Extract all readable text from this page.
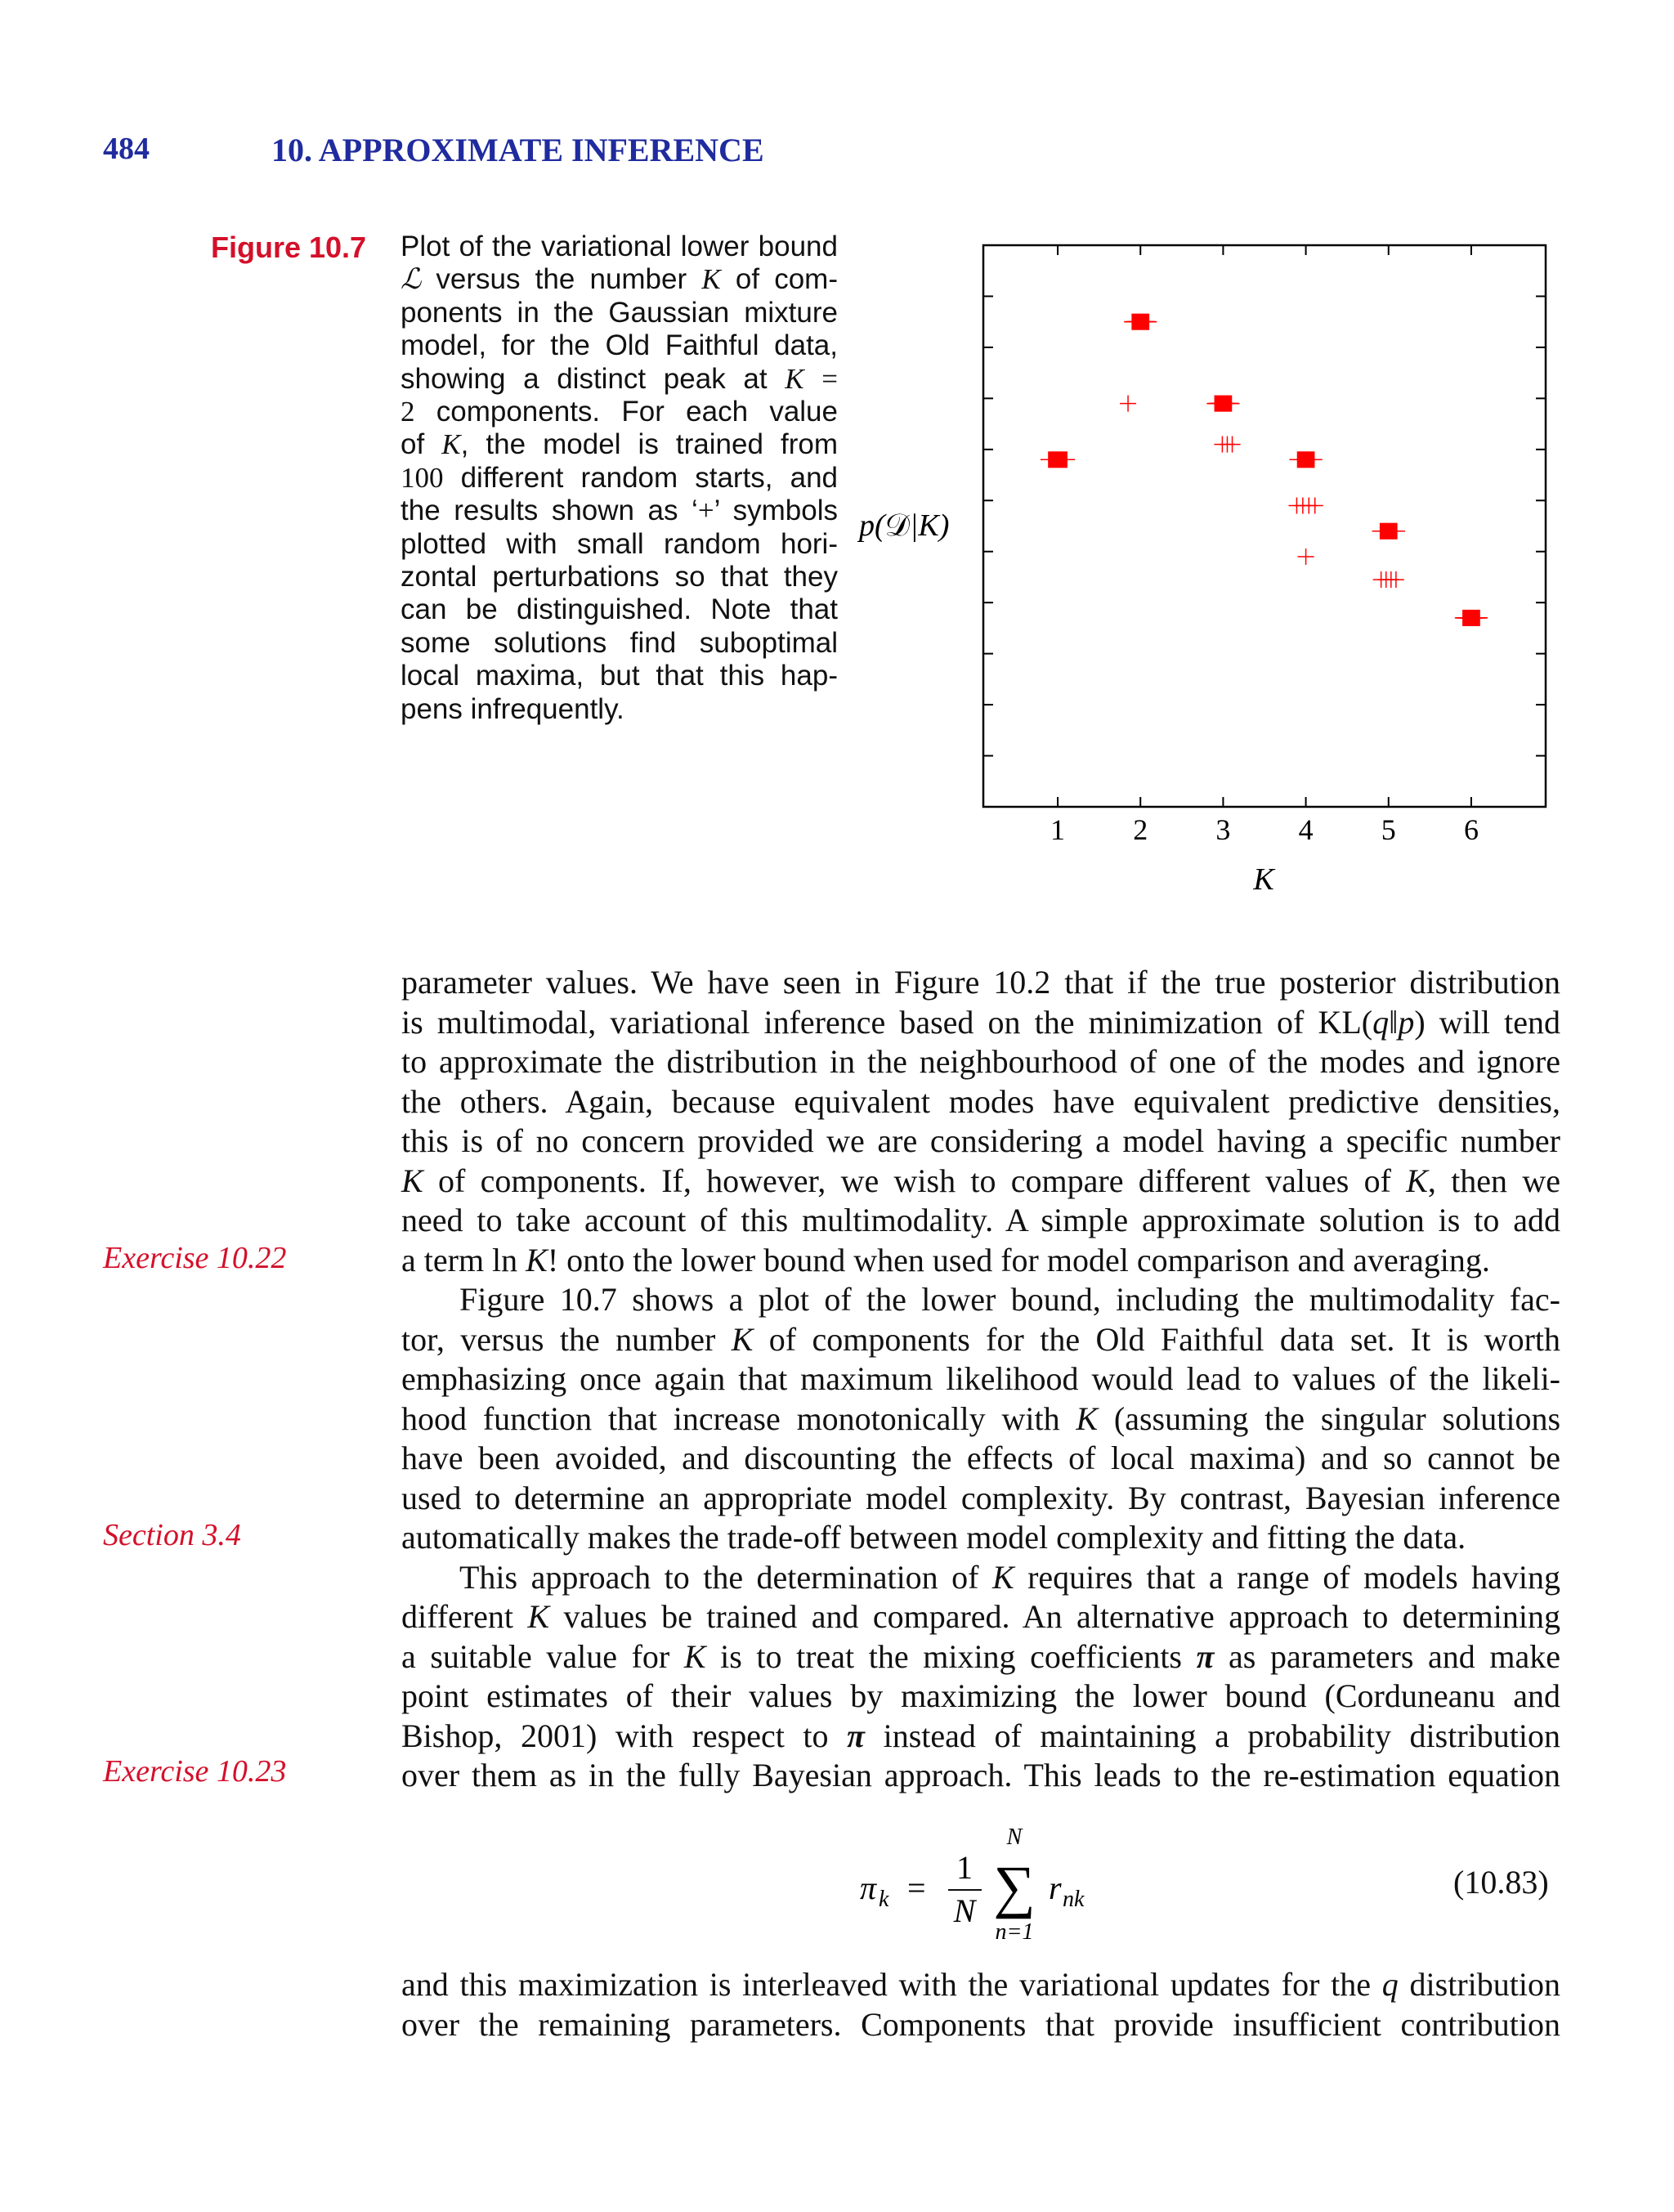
484	10. APPROXIMATE INFERENCE
Figure 10.7 Plot of the variational lower bound
ℒ versus the number K of com-
ponents in the Gaussian mixture
model, for the Old Faithful data,
showing a distinct peak at K =
2 components. For each value
of K, the model is trained from
100 different random starts, and
the results shown as ‘+’ symbols
plotted with small random hori-
zontal perturbations so that they
can be distinguished. Note that
some solutions find suboptimal
local maxima, but that this hap-
pens infrequently.
1 2 3 4 5 6
p(𝒟|K)
K
parameter values. We have seen in Figure 10.2 that if the true posterior distribution
is multimodal, variational inference based on the minimization of KL(q‖p) will tend
to approximate the distribution in the neighbourhood of one of the modes and ignore
the others. Again, because equivalent modes have equivalent predictive densities,
this is of no concern provided we are considering a model having a specific number
K of components. If, however, we wish to compare different values of K, then we
need to take account of this multimodality. A simple approximate solution is to add
a term ln K! onto the lower bound when used for model comparison and averaging.
Figure 10.7 shows a plot of the lower bound, including the multimodality fac-
tor, versus the number K of components for the Old Faithful data set. It is worth
emphasizing once again that maximum likelihood would lead to values of the likeli-
hood function that increase monotonically with K (assuming the singular solutions
have been avoided, and discounting the effects of local maxima) and so cannot be
used to determine an appropriate model complexity. By contrast, Bayesian inference
automatically makes the trade-off between model complexity and fitting the data.
This approach to the determination of K requires that a range of models having
different K values be trained and compared. An alternative approach to determining
a suitable value for K is to treat the mixing coefficients π as parameters and make
point estimates of their values by maximizing the lower bound (Corduneanu and
Bishop, 2001) with respect to π instead of maintaining a probability distribution
over them as in the fully Bayesian approach. This leads to the re-estimation equation
Exercise 10.22
Section 3.4
Exercise 10.23
π k =
1
N
N
∑
n=1
r nk	(10.83)
and this maximization is interleaved with the variational updates for the q distribution
over the remaining parameters. Components that provide insufficient contribution
